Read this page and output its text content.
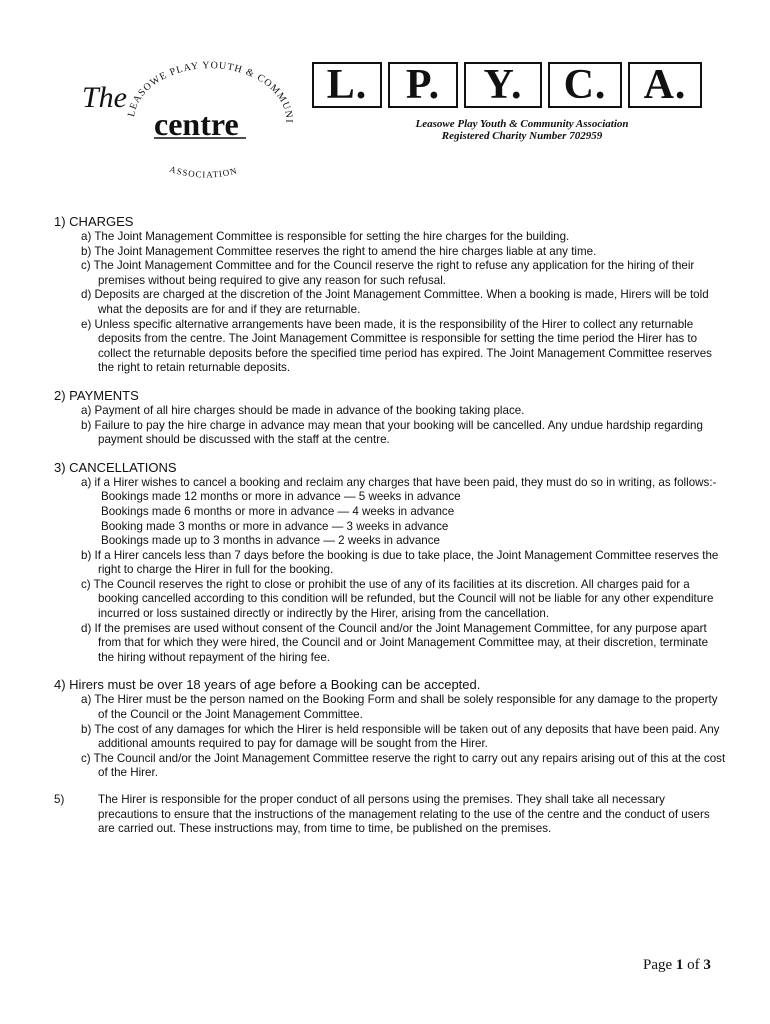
LEASOWE PLAY YOUTH & COMMUNI
ASSOCIATION
The
centre
L. P.	Y. C. A.
Leasowe Play Youth & Community Association
Registered Charity Number 702959

1) CHARGES

a) The Joint Management Committee is responsible for setting the hire charges for the building.

b) The Joint Management Committee reserves the right to amend the hire charges liable at any time.

c) The Joint Management Committee and for the Council reserve the right to refuse any application for the hiring of their premises without being required to give any reason for such refusal.

d) Deposits are charged at the discretion of the Joint Management Committee. When a booking is made, Hirers will be told what the deposits are for and if they are returnable.

e) Unless specific alternative arrangements have been made, it is the responsibility of the Hirer to collect any returnable deposits from the centre. The Joint Management Committee is responsible for setting the time period the Hirer has to collect the returnable deposits before the specified time period has expired. The Joint Management Committee reserves the right to retain returnable deposits.

2) PAYMENTS

a) Payment of all hire charges should be made in advance of the booking taking place.

b) Failure to pay the hire charge in advance may mean that your booking will be cancelled. Any undue hardship regarding payment should be discussed with the staff at the centre.

3) CANCELLATIONS

a) if a Hirer wishes to cancel a booking and reclaim any charges that have been paid, they must do so in writing, as follows:-

Bookings made 12 months or more in advance — 5 weeks in advance

Bookings made 6 months or more in advance — 4 weeks in advance

Booking made 3 months or more in advance — 3 weeks in advance

Bookings made up to 3 months in advance — 2 weeks in advance

b) If a Hirer cancels less than 7 days before the booking is due to take place, the Joint Management Committee reserves the right to charge the Hirer in full for the booking.

c) The Council reserves the right to close or prohibit the use of any of its facilities at its discretion. All charges paid for a booking cancelled according to this condition will be refunded, but the Council will not be liable for any other expenditure incurred or loss sustained directly or indirectly by the Hirer, arising from the cancellation.

d) If the premises are used without consent of the Council and/or the Joint Management Committee, for any purpose apart from that for which they were hired, the Council and or Joint Management Committee may, at their discretion, terminate the hiring without repayment of the hiring fee.

4) Hirers must be over 18 years of age before a Booking can be accepted.

a) The Hirer must be the person named on the Booking Form and shall be solely responsible for any damage to the property of the Council or the Joint Management Committee.

b) The cost of any damages for which the Hirer is held responsible will be taken out of any deposits that have been paid. Any additional amounts required to pay for damage will be sought from the Hirer.

c) The Council and/or the Joint Management Committee reserve the right to carry out any repairs arising out of this at the cost of the Hirer.

5)	The Hirer is responsible for the proper conduct of all persons using the premises. They shall take all necessary precautions to ensure that the instructions of the management relating to the use of the centre and the conduct of users are carried out. These instructions may, from time to time, be published on the premises.

Page 1 of 3
